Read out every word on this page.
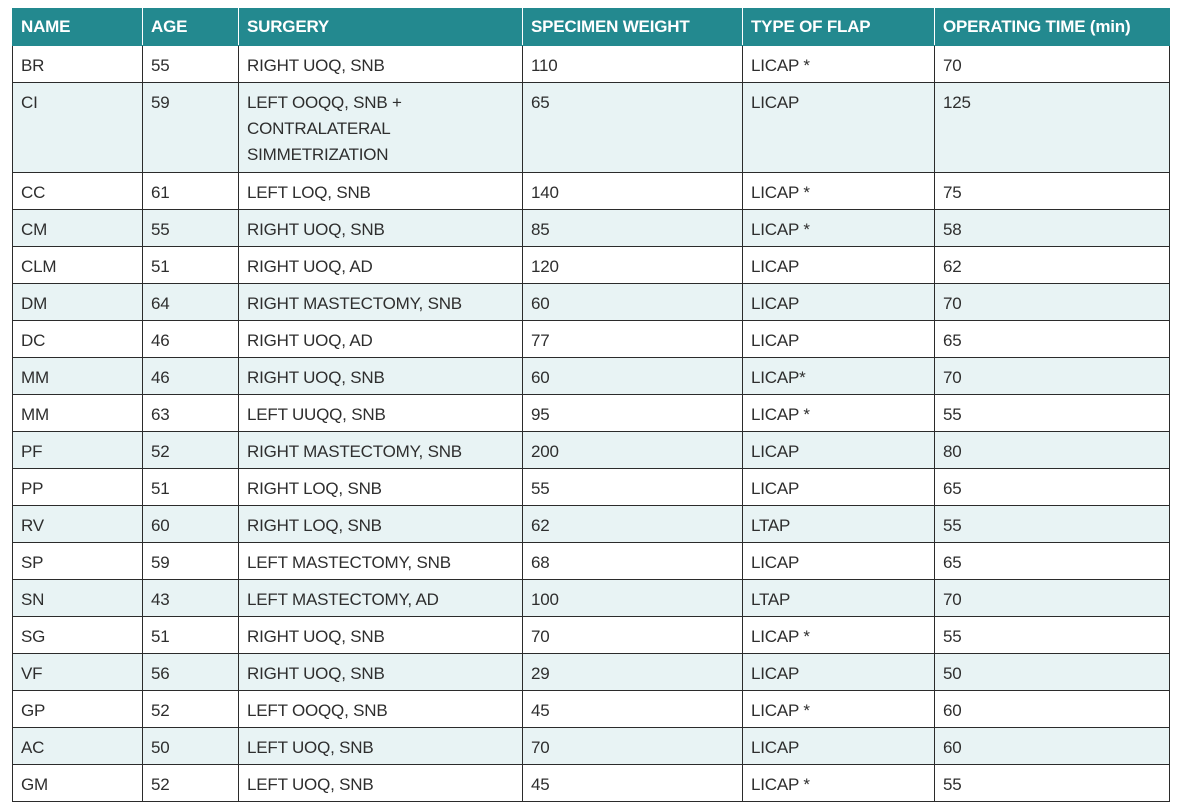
NAME	AGE	SURGERY	SPECIMEN WEIGHT	TYPE OF FLAP	OPERATING TIME (min)
BR	55	RIGHT UOQ, SNB	110	LICAP *	70
CI	59	LEFT OOQQ, SNB + CONTRALATERAL SIMMETRIZATION	65	LICAP	125
CC	61	LEFT LOQ, SNB	140	LICAP *	75
CM	55	RIGHT UOQ, SNB	85	LICAP *	58
CLM	51	RIGHT UOQ, AD	120	LICAP	62
DM	64	RIGHT MASTECTOMY, SNB	60	LICAP	70
DC	46	RIGHT UOQ, AD	77	LICAP	65
MM	46	RIGHT UOQ, SNB	60	LICAP*	70
MM	63	LEFT UUQQ, SNB	95	LICAP *	55
PF	52	RIGHT MASTECTOMY, SNB	200	LICAP	80
PP	51	RIGHT LOQ, SNB	55	LICAP	65
RV	60	RIGHT LOQ, SNB	62	LTAP	55
SP	59	LEFT MASTECTOMY, SNB	68	LICAP	65
SN	43	LEFT MASTECTOMY, AD	100	LTAP	70
SG	51	RIGHT UOQ, SNB	70	LICAP *	55
VF	56	RIGHT UOQ, SNB	29	LICAP	50
GP	52	LEFT OOQQ, SNB	45	LICAP *	60
AC	50	LEFT UOQ, SNB	70	LICAP	60
GM	52	LEFT UOQ, SNB	45	LICAP *	55
